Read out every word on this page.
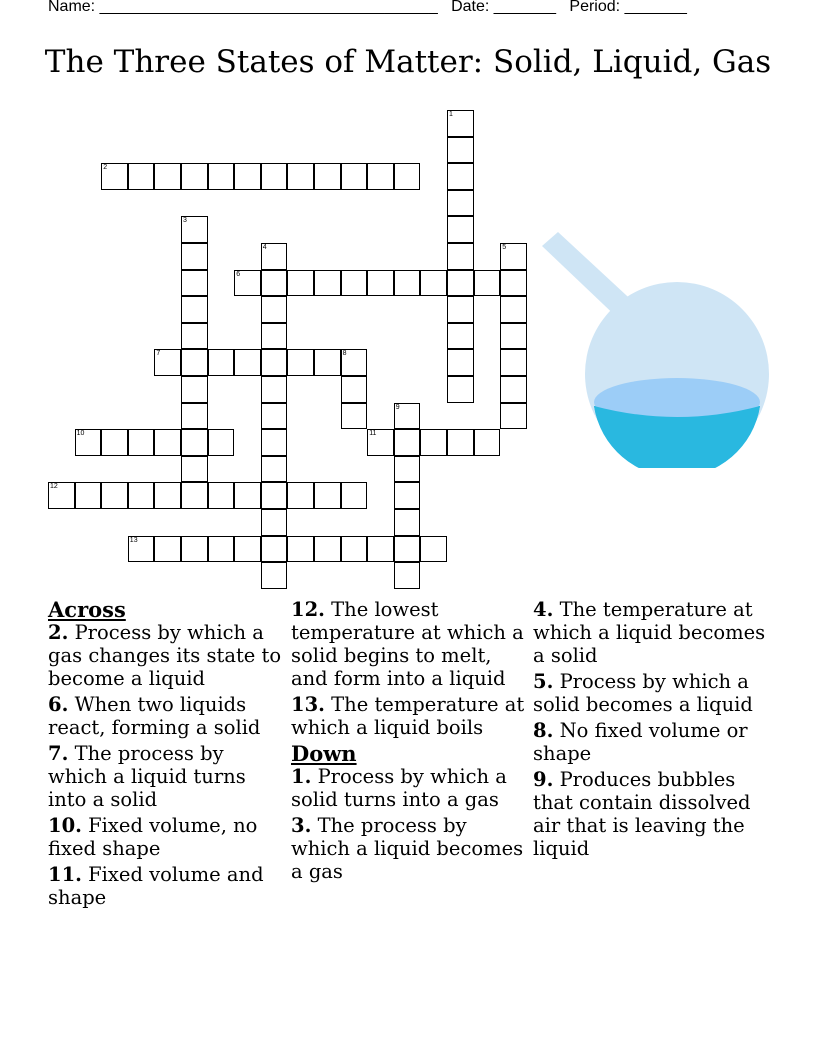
Name: ______________________________________ Date: _______ Period: _______
The Three States of Matter: Solid, Liquid, Gas
1
2
3
4	5
6
7	8
9
10	11
12
13
Across
2. Process by which a gas changes its state to become a liquid
6. When two liquids react, forming a solid
7. The process by which a liquid turns into a solid
10. Fixed volume, no fixed shape
11. Fixed volume and shape
12. The lowest temperature at which a solid begins to melt, and form into a liquid
13. The temperature at which a liquid boils
Down
1. Process by which a solid turns into a gas
3. The process by which a liquid becomes a gas
4. The temperature at which a liquid becomes a solid
5. Process by which a solid becomes a liquid
8. No fixed volume or shape
9. Produces bubbles that contain dissolved air that is leaving the liquid
